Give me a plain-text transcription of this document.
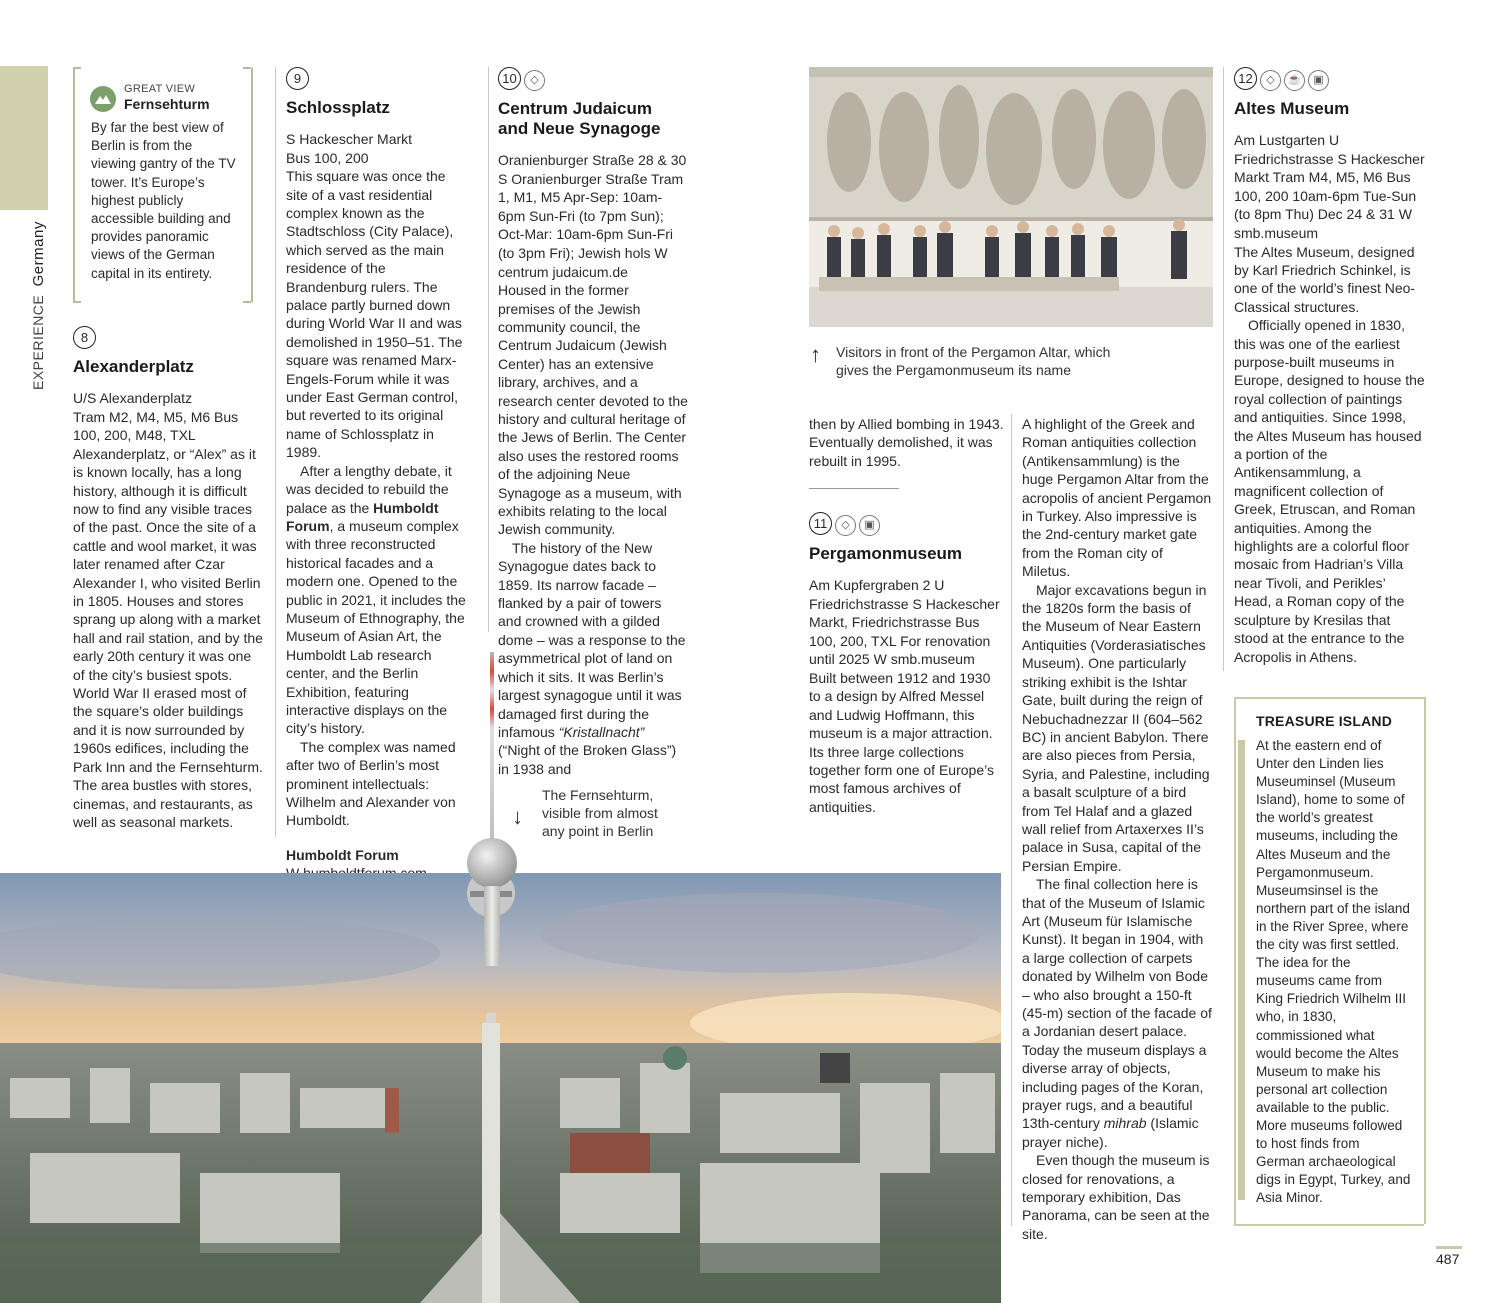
EXPERIENCE Germany
GREAT VIEW
Fernsehturm
By far the best view of Berlin is from the viewing gantry of the TV tower. It’s Europe’s highest publicly accessible building and provides panoramic views of the German capital in its entirety.
8
Alexanderplatz

U/S Alexanderplatz

Tram M2, M4, M5, M6 Bus 100, 200, M48, TXL

Alexanderplatz, or “Alex” as it is known locally, has a long history, although it is difficult now to find any visible traces of the past. Once the site of a cattle and wool market, it was later renamed after Czar Alexander I, who visited Berlin in 1805. Houses and stores sprang up along with a market hall and rail station, and by the early 20th century it was one of the city’s busiest spots. World War II erased most of the square’s older buildings and it is now surrounded by 1960s edifices, including the Park Inn and the Fernsehturm. The area bustles with stores, cinemas, and restaurants, as well as seasonal markets.

9
Schlossplatz

S Hackescher Markt

Bus 100, 200

This square was once the site of a vast residential complex known as the Stadtschloss (City Palace), which served as the main residence of the Brandenburg rulers. The palace partly burned down during World War II and was demolished in 1950–51. The square was renamed Marx-Engels-Forum while it was under East German control, but reverted to its original name of Schlossplatz in 1989.

After a lengthy debate, it was decided to rebuild the palace as the Humboldt Forum, a museum complex with three reconstructed historical facades and a modern one. Opened to the public in 2021, it includes the Museum of Ethnography, the Museum of Asian Art, the Humboldt Lab research center, and the Berlin Exhibition, featuring interactive displays on the city’s history.

The complex was named after two of Berlin’s most prominent intellectuals: Wilhelm and Alexander von Humboldt.

Humboldt Forum

10 ◇
Centrum Judaicum
and Neue Synagoge

Oranienburger Straße 28 & 30 S Oranienburger Straße Tram 1, M1, M5 Apr-Sep: 10am-6pm Sun-Fri (to 7pm Sun); Oct-Mar: 10am-6pm Sun-Fri (to 3pm Fri); Jewish hols W centrum judaicum.de

Housed in the former premises of the Jewish community council, the Centrum Judaicum (Jewish Center) has an extensive library, archives, and a research center devoted to the history and cultural heritage of the Jews of Berlin. The Center also uses the restored rooms of the adjoining Neue Synagoge as a museum, with exhibits relating to the local Jewish community.

The history of the New Synagogue dates back to 1859. Its narrow facade – flanked by a pair of towers and crowned with a gilded dome – was a response to the asymmetrical plot of land on which it sits. It was Berlin’s largest synagogue until it was damaged first during the infamous “Kristallnacht” (“Night of the Broken Glass”) in 1938 and

↑ Visitors in front of the Pergamon Altar, which gives the Pergamonmuseum its name
then by Allied bombing in 1943. Eventually demolished, it was rebuilt in 1995.
11 ◇ ▣
Pergamonmuseum

Am Kupfergraben 2 U Friedrichstrasse S Hackescher Markt, Friedrichstrasse Bus 100, 200, TXL For renovation until 2025 W smb.museum

Built between 1912 and 1930 to a design by Alfred Messel and Ludwig Hoffmann, this museum is a major attraction. Its three large collections together form one of Europe’s most famous archives of antiquities.

A highlight of the Greek and Roman antiquities collection (Antikensammlung) is the huge Pergamon Altar from the acropolis of ancient Pergamon in Turkey. Also impressive is the 2nd-century market gate from the Roman city of Miletus.

Major excavations begun in the 1820s form the basis of the Museum of Near Eastern Antiquities (Vorderasiatisches Museum). One particularly striking exhibit is the Ishtar Gate, built during the reign of Nebuchadnezzar II (604–562 BC) in ancient Babylon. There are also pieces from Persia, Syria, and Palestine, including a basalt sculpture of a bird from Tel Halaf and a glazed wall relief from Artaxerxes II’s palace in Susa, capital of the Persian Empire.

The final collection here is that of the Museum of Islamic Art (Museum für Islamische Kunst). It began in 1904, with a large collection of carpets donated by Wilhelm von Bode – who also brought a 150-ft (45-m) section of the facade of a Jordanian desert palace. Today the museum displays a diverse array of objects, including pages of the Koran, prayer rugs, and a beautiful 13th-century mihrab (Islamic prayer niche).

Even though the museum is closed for renovations, a temporary exhibition, Das Panorama, can be seen at the site.

12 ◇ ☕ ▣
Altes Museum

Am Lustgarten U Friedrichstrasse S Hackescher Markt Tram M4, M5, M6 Bus 100, 200 10am-6pm Tue-Sun (to 8pm Thu) Dec 24 & 31 W smb.museum

The Altes Museum, designed by Karl Friedrich Schinkel, is one of the world’s finest Neo-Classical structures.

Officially opened in 1830, this was one of the earliest purpose-built museums in Europe, designed to house the royal collection of paintings and antiquities. Since 1998, the Altes Museum has housed a portion of the Antikensammlung, a magnificent collection of Greek, Etruscan, and Roman antiquities. Among the highlights are a colorful floor mosaic from Hadrian’s Villa near Tivoli, and Perikles’ Head, a Roman copy of the sculpture by Kresilas that stood at the entrance to the Acropolis in Athens.

TREASURE ISLAND
At the eastern end of Unter den Linden lies Museuminsel (Museum Island), home to some of the world’s greatest museums, including the Altes Museum and the Pergamonmuseum. Museumsinsel is the northern part of the island in the River Spree, where the city was first settled. The idea for the museums came from King Friedrich Wilhelm III who, in 1830, commissioned what would become the Altes Museum to make his personal art collection available to the public. More museums followed to host finds from German archaeological digs in Egypt, Turkey, and Asia Minor.
↓
The Fernsehturm, visible from almost any point in Berlin
487
